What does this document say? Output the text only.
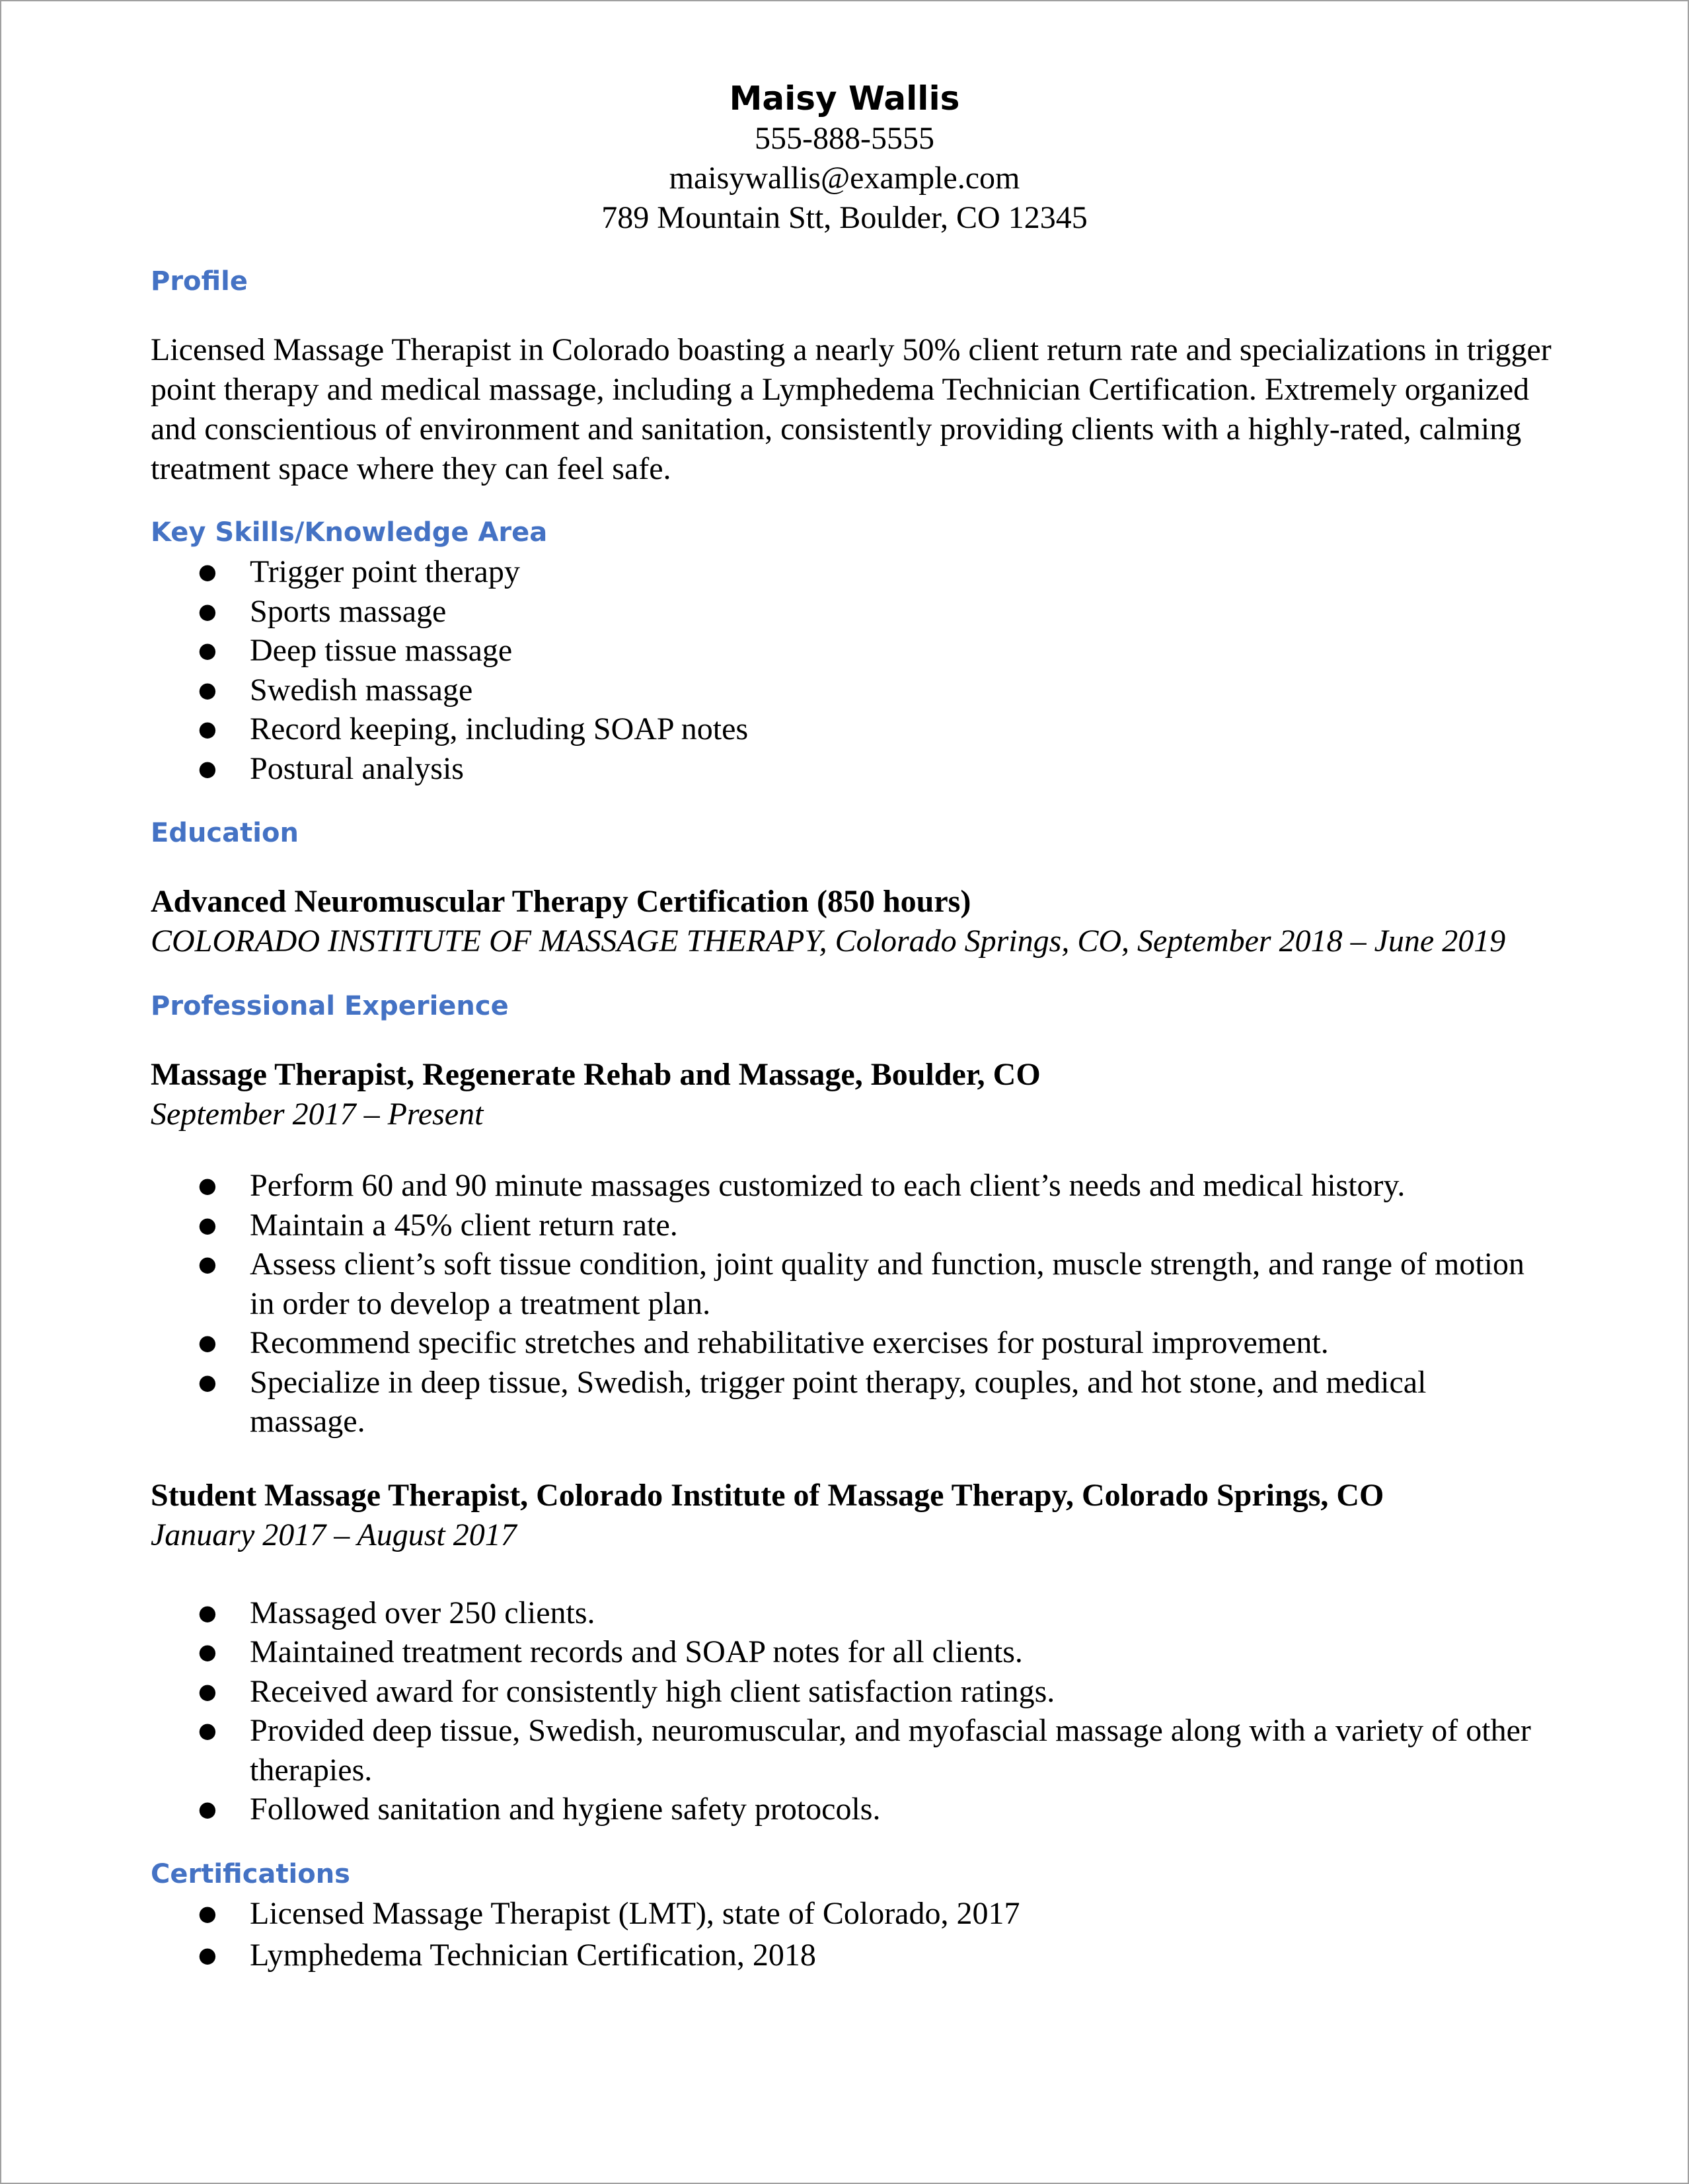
Maisy Wallis
555-888-5555
maisywallis@example.com
789 Mountain Stt, Boulder, CO 12345
Profile
Licensed Massage Therapist in Colorado boasting a nearly 50% client return rate and specializations in trigger point therapy and medical massage, including a Lymphedema Technician Certification. Extremely organized and conscientious of environment and sanitation, consistently providing clients with a highly-rated, calming treatment space where they can feel safe.
Key Skills/Knowledge Area
● Trigger point therapy
● Sports massage
● Deep tissue massage
● Swedish massage
● Record keeping, including SOAP notes
● Postural analysis
Education
Advanced Neuromuscular Therapy Certification (850 hours)
COLORADO INSTITUTE OF MASSAGE THERAPY, Colorado Springs, CO, September 2018 – June 2019
Professional Experience
Massage Therapist, Regenerate Rehab and Massage, Boulder, CO
September 2017 – Present
● Perform 60 and 90 minute massages customized to each client’s needs and medical history.
● Maintain a 45% client return rate.
● Assess client’s soft tissue condition, joint quality and function, muscle strength, and range of motion in order to develop a treatment plan.
● Recommend specific stretches and rehabilitative exercises for postural improvement.
● Specialize in deep tissue, Swedish, trigger point therapy, couples, and hot stone, and medical massage.
Student Massage Therapist, Colorado Institute of Massage Therapy, Colorado Springs, CO
January 2017 – August 2017
● Massaged over 250 clients.
● Maintained treatment records and SOAP notes for all clients.
● Received award for consistently high client satisfaction ratings.
● Provided deep tissue, Swedish, neuromuscular, and myofascial massage along with a variety of other therapies.
● Followed sanitation and hygiene safety protocols.
Certifications
● Licensed Massage Therapist (LMT), state of Colorado, 2017
● Lymphedema Technician Certification, 2018
